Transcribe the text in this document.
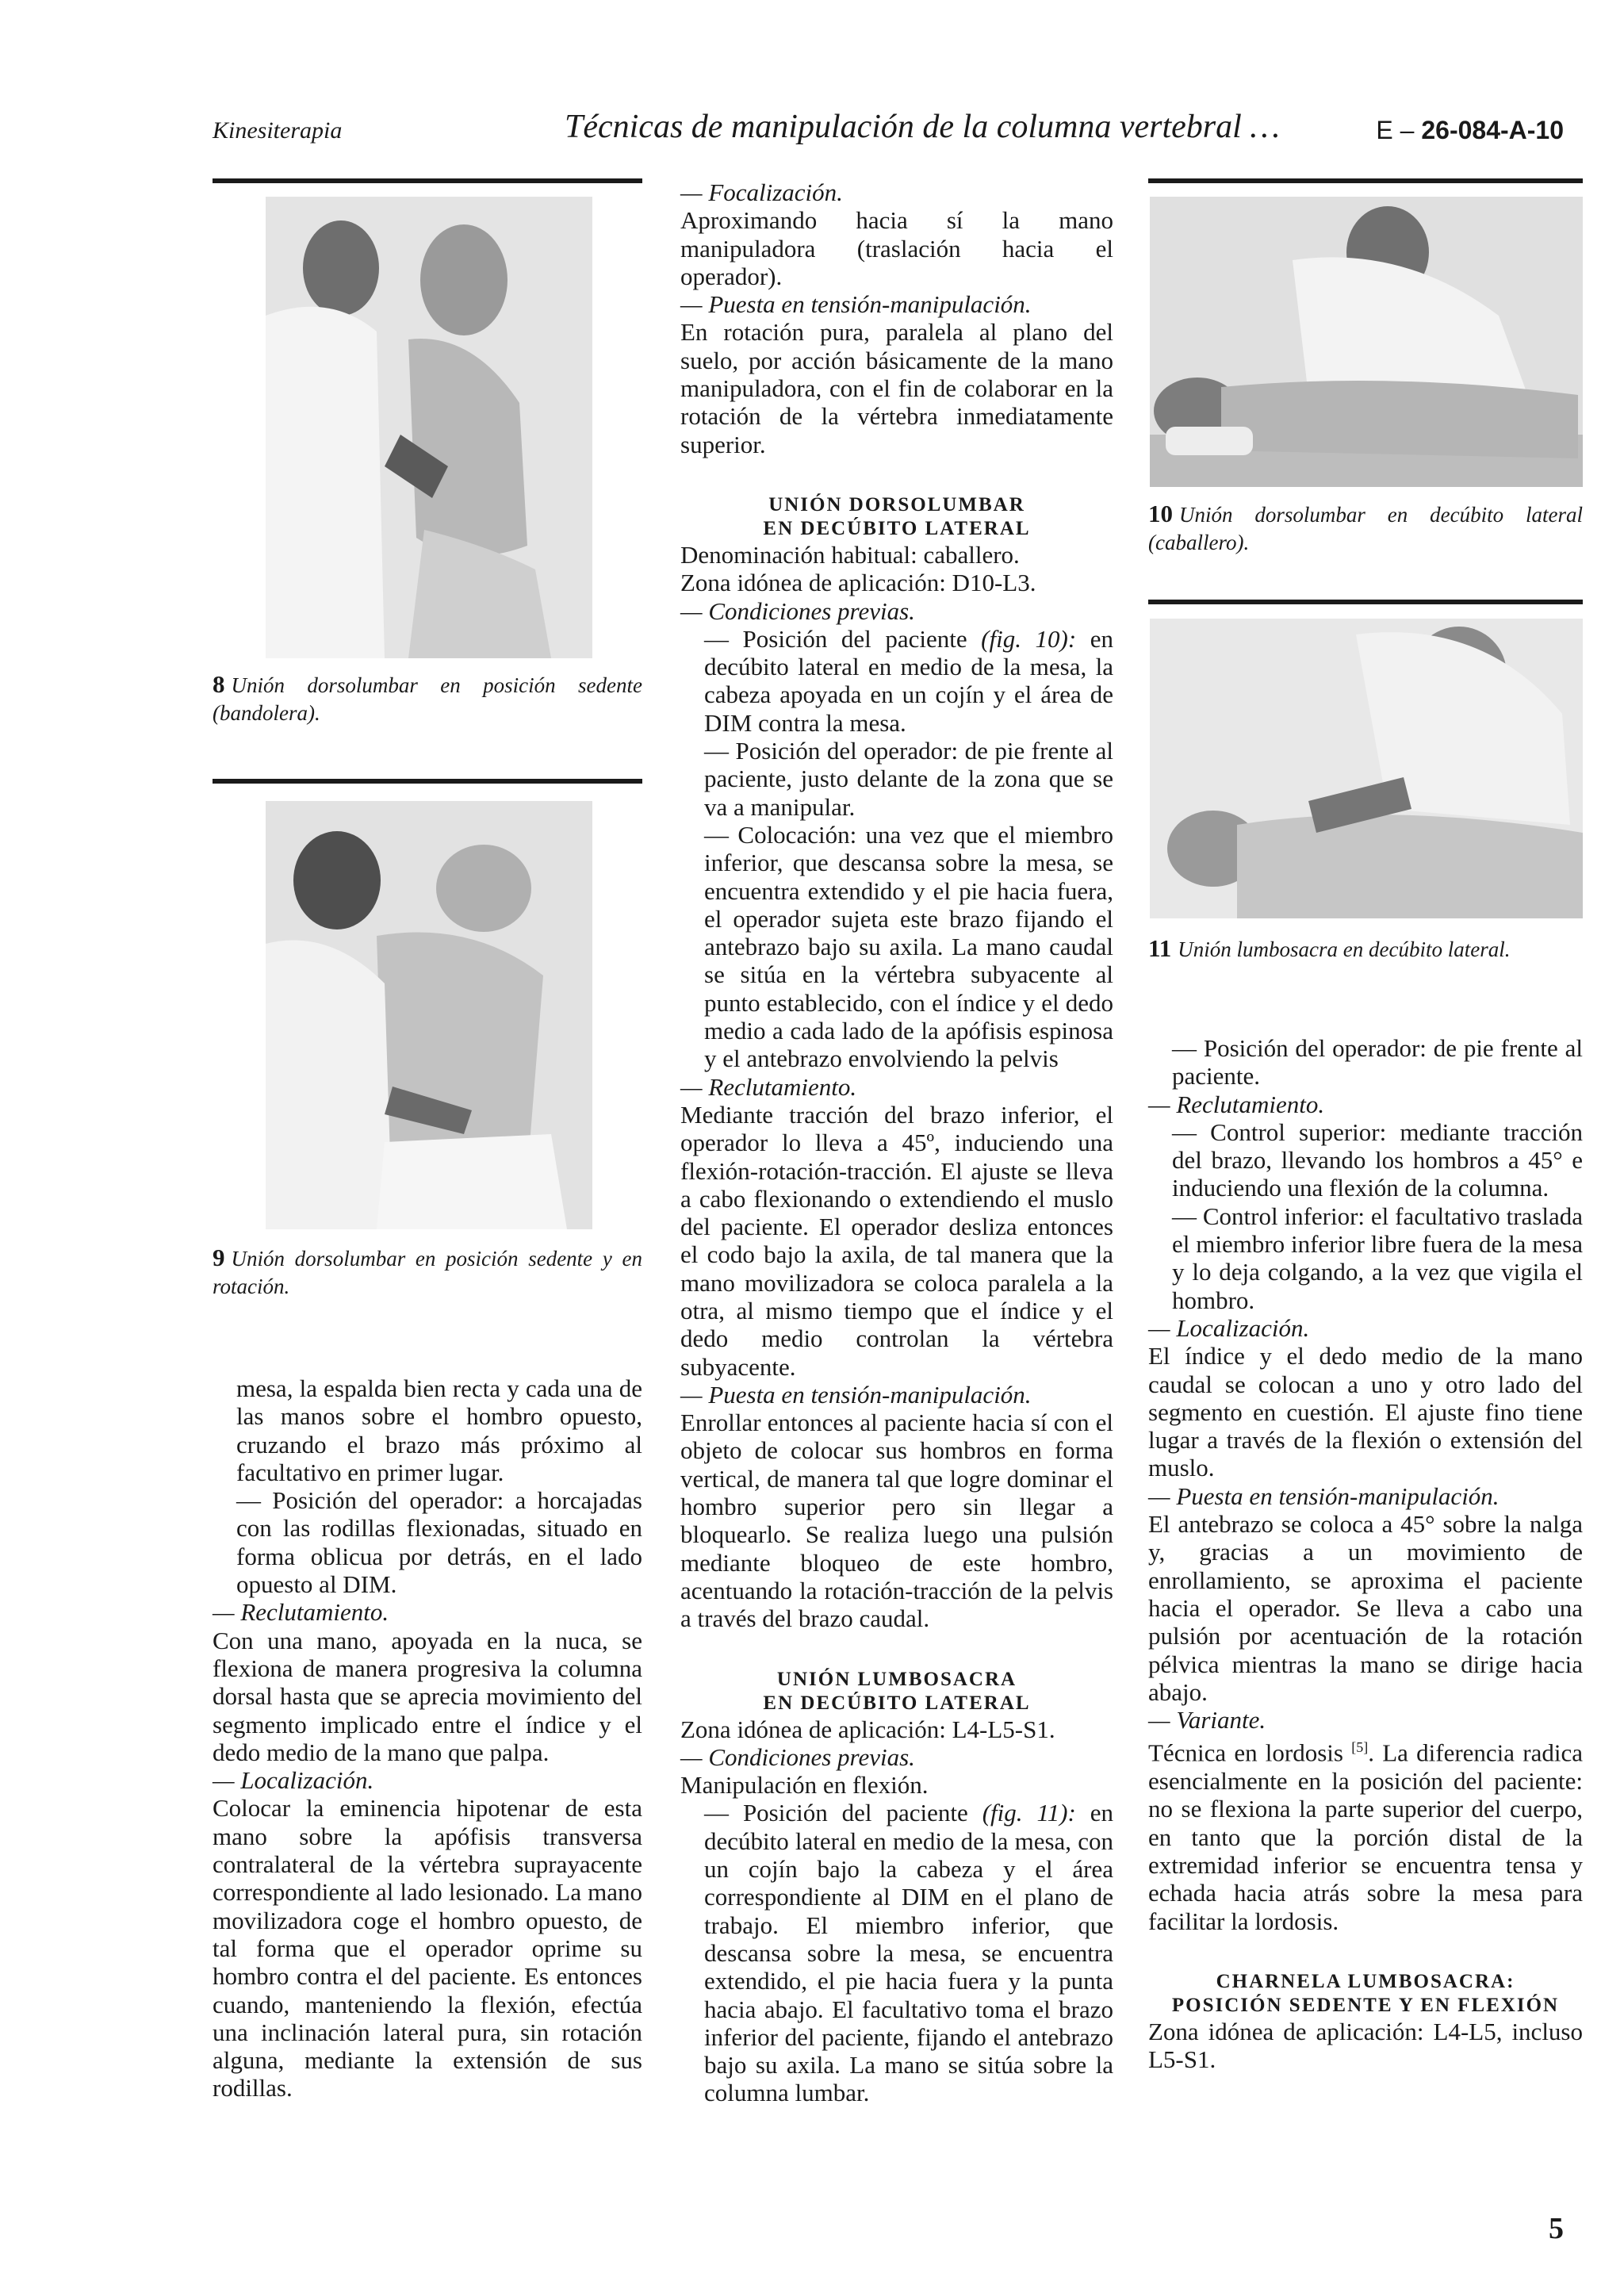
Kinesiterapia	Técnicas de manipulación de la columna vertebral …	E – 26-084-A-10
8 Unión dorsolumbar en posición sedente (bandolera).
9 Unión dorsolumbar en posición sedente y en rotación.

mesa, la espalda bien recta y cada una de las manos sobre el hombro opuesto, cruzando el brazo más próximo al facultativo en primer lugar.

— Posición del operador: a horcajadas con las rodillas flexionadas, situado en forma oblicua por detrás, en el lado opuesto al DIM.

— Reclutamiento.

Con una mano, apoyada en la nuca, se flexiona de manera progresiva la columna dorsal hasta que se aprecia movimiento del segmento implicado entre el índice y el dedo medio de la mano que palpa.

— Localización.

Colocar la eminencia hipotenar de esta mano sobre la apófisis transversa contralateral de la vértebra suprayacente correspondiente al lado lesionado. La mano movilizadora coge el hombro opuesto, de tal forma que el operador oprime su hombro contra el del paciente. Es entonces cuando, manteniendo la flexión, efectúa una inclinación lateral pura, sin rotación alguna, mediante la extensión de sus rodillas.

— Focalización.

Aproximando hacia sí la mano manipuladora (traslación hacia el operador).

— Puesta en tensión-manipulación.

En rotación pura, paralela al plano del suelo, por acción básicamente de la mano manipuladora, con el fin de colaborar en la rotación de la vértebra inmediatamente superior.

UNIÓN DORSOLUMBAR
EN DECÚBITO LATERAL

Denominación habitual: caballero.

Zona idónea de aplicación: D10-L3.

— Condiciones previas.

— Posición del paciente (fig. 10): en decúbito lateral en medio de la mesa, la cabeza apoyada en un cojín y el área de DIM contra la mesa.

— Posición del operador: de pie frente al paciente, justo delante de la zona que se va a manipular.

— Colocación: una vez que el miembro inferior, que descansa sobre la mesa, se encuentra extendido y el pie hacia fuera, el operador sujeta este brazo fijando el antebrazo bajo su axila. La mano caudal se sitúa en la vértebra subyacente al punto establecido, con el índice y el dedo medio a cada lado de la apófisis espinosa y el antebrazo envolviendo la pelvis

— Reclutamiento.

Mediante tracción del brazo inferior, el operador lo lleva a 45º, induciendo una flexión-rotación-tracción. El ajuste se lleva a cabo flexionando o extendiendo el muslo del paciente. El operador desliza entonces el codo bajo la axila, de tal manera que la mano movilizadora se coloca paralela a la otra, al mismo tiempo que el índice y el dedo medio controlan la vértebra subyacente.

— Puesta en tensión-manipulación.

Enrollar entonces al paciente hacia sí con el objeto de colocar sus hombros en forma vertical, de manera tal que logre dominar el hombro superior pero sin llegar a bloquearlo. Se realiza luego una pulsión mediante bloqueo de este hombro, acentuando la rotación-tracción de la pelvis a través del brazo caudal.

UNIÓN LUMBOSACRA
EN DECÚBITO LATERAL

Zona idónea de aplicación: L4-L5-S1.

— Condiciones previas.

Manipulación en flexión.

— Posición del paciente (fig. 11): en decúbito lateral en medio de la mesa, con un cojín bajo la cabeza y el área correspondiente al DIM en el plano de trabajo. El miembro inferior, que descansa sobre la mesa, se encuentra extendido, el pie hacia fuera y la punta hacia abajo. El facultativo toma el brazo inferior del paciente, fijando el antebrazo bajo su axila. La mano se sitúa sobre la columna lumbar.

10 Unión dorsolumbar en decúbito lateral (caballero).
11 Unión lumbosacra en decúbito lateral.

— Posición del operador: de pie frente al paciente.

— Reclutamiento.

— Control superior: mediante tracción del brazo, llevando los hombros a 45° e induciendo una flexión de la columna.

— Control inferior: el facultativo traslada el miembro inferior libre fuera de la mesa y lo deja colgando, a la vez que vigila el hombro.

— Localización.

El índice y el dedo medio de la mano caudal se colocan a uno y otro lado del segmento en cuestión. El ajuste fino tiene lugar a través de la flexión o extensión del muslo.

— Puesta en tensión-manipulación.

El antebrazo se coloca a 45° sobre la nalga y, gracias a un movimiento de enrollamiento, se aproxima el paciente hacia el operador. Se lleva a cabo una pulsión por acentuación de la rotación pélvica mientras la mano se dirige hacia abajo.

— Variante.

Técnica en lordosis [5]. La diferencia radica esencialmente en la posición del paciente: no se flexiona la parte superior del cuerpo, en tanto que la porción distal de la extremidad inferior se encuentra tensa y echada hacia atrás sobre la mesa para facilitar la lordosis.

CHARNELA LUMBOSACRA:
POSICIÓN SEDENTE Y EN FLEXIÓN

Zona idónea de aplicación: L4-L5, incluso L5-S1.

5
